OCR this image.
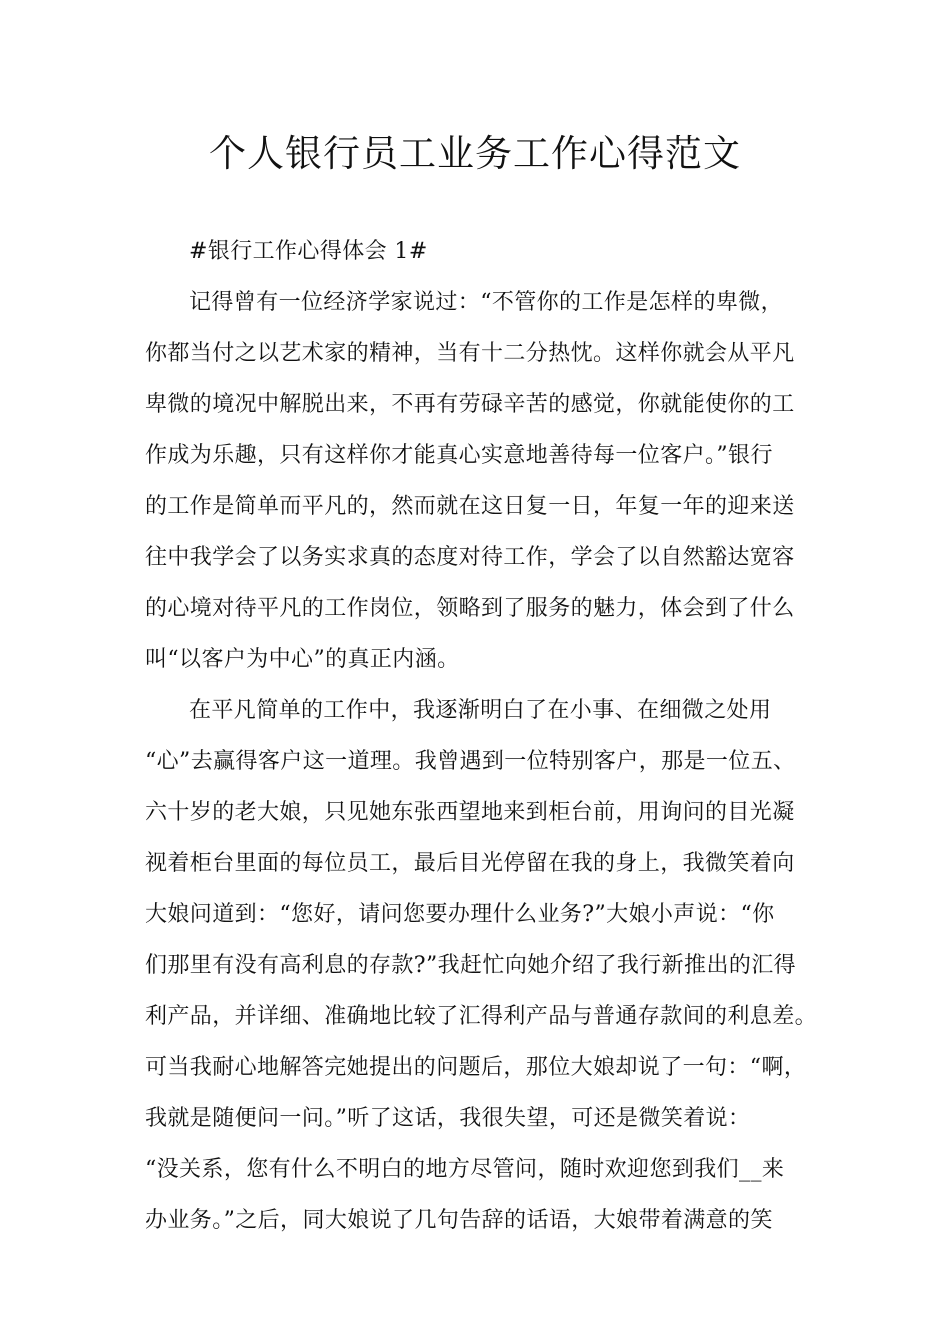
个人银行员工业务工作心得范文
#银行工作心得体会 1#
记得曾有一位经济学家说过：“不管你的工作是怎样的卑微，
你都当付之以艺术家的精神，当有十二分热忱。这样你就会从平凡
卑微的境况中解脱出来，不再有劳碌辛苦的感觉，你就能使你的工
作成为乐趣，只有这样你才能真心实意地善待每一位客户。”银行
的工作是简单而平凡的，然而就在这日复一日，年复一年的迎来送
往中我学会了以务实求真的态度对待工作，学会了以自然豁达宽容
的心境对待平凡的工作岗位，领略到了服务的魅力，体会到了什么
叫“以客户为中心”的真正内涵。
在平凡简单的工作中，我逐渐明白了在小事、在细微之处用
“心”去赢得客户这一道理。我曾遇到一位特别客户，那是一位五、
六十岁的老大娘，只见她东张西望地来到柜台前，用询问的目光凝
视着柜台里面的每位员工，最后目光停留在我的身上，我微笑着向
大娘问道到：“您好，请问您要办理什么业务?”大娘小声说：“你
们那里有没有高利息的存款?”我赶忙向她介绍了我行新推出的汇得
利产品，并详细、准确地比较了汇得利产品与普通存款间的利息差。
可当我耐心地解答完她提出的问题后，那位大娘却说了一句：“啊，
我就是随便问一问。”听了这话，我很失望，可还是微笑着说：
“没关系，您有什么不明白的地方尽管问，随时欢迎您到我们__来
办业务。”之后，同大娘说了几句告辞的话语，大娘带着满意的笑
